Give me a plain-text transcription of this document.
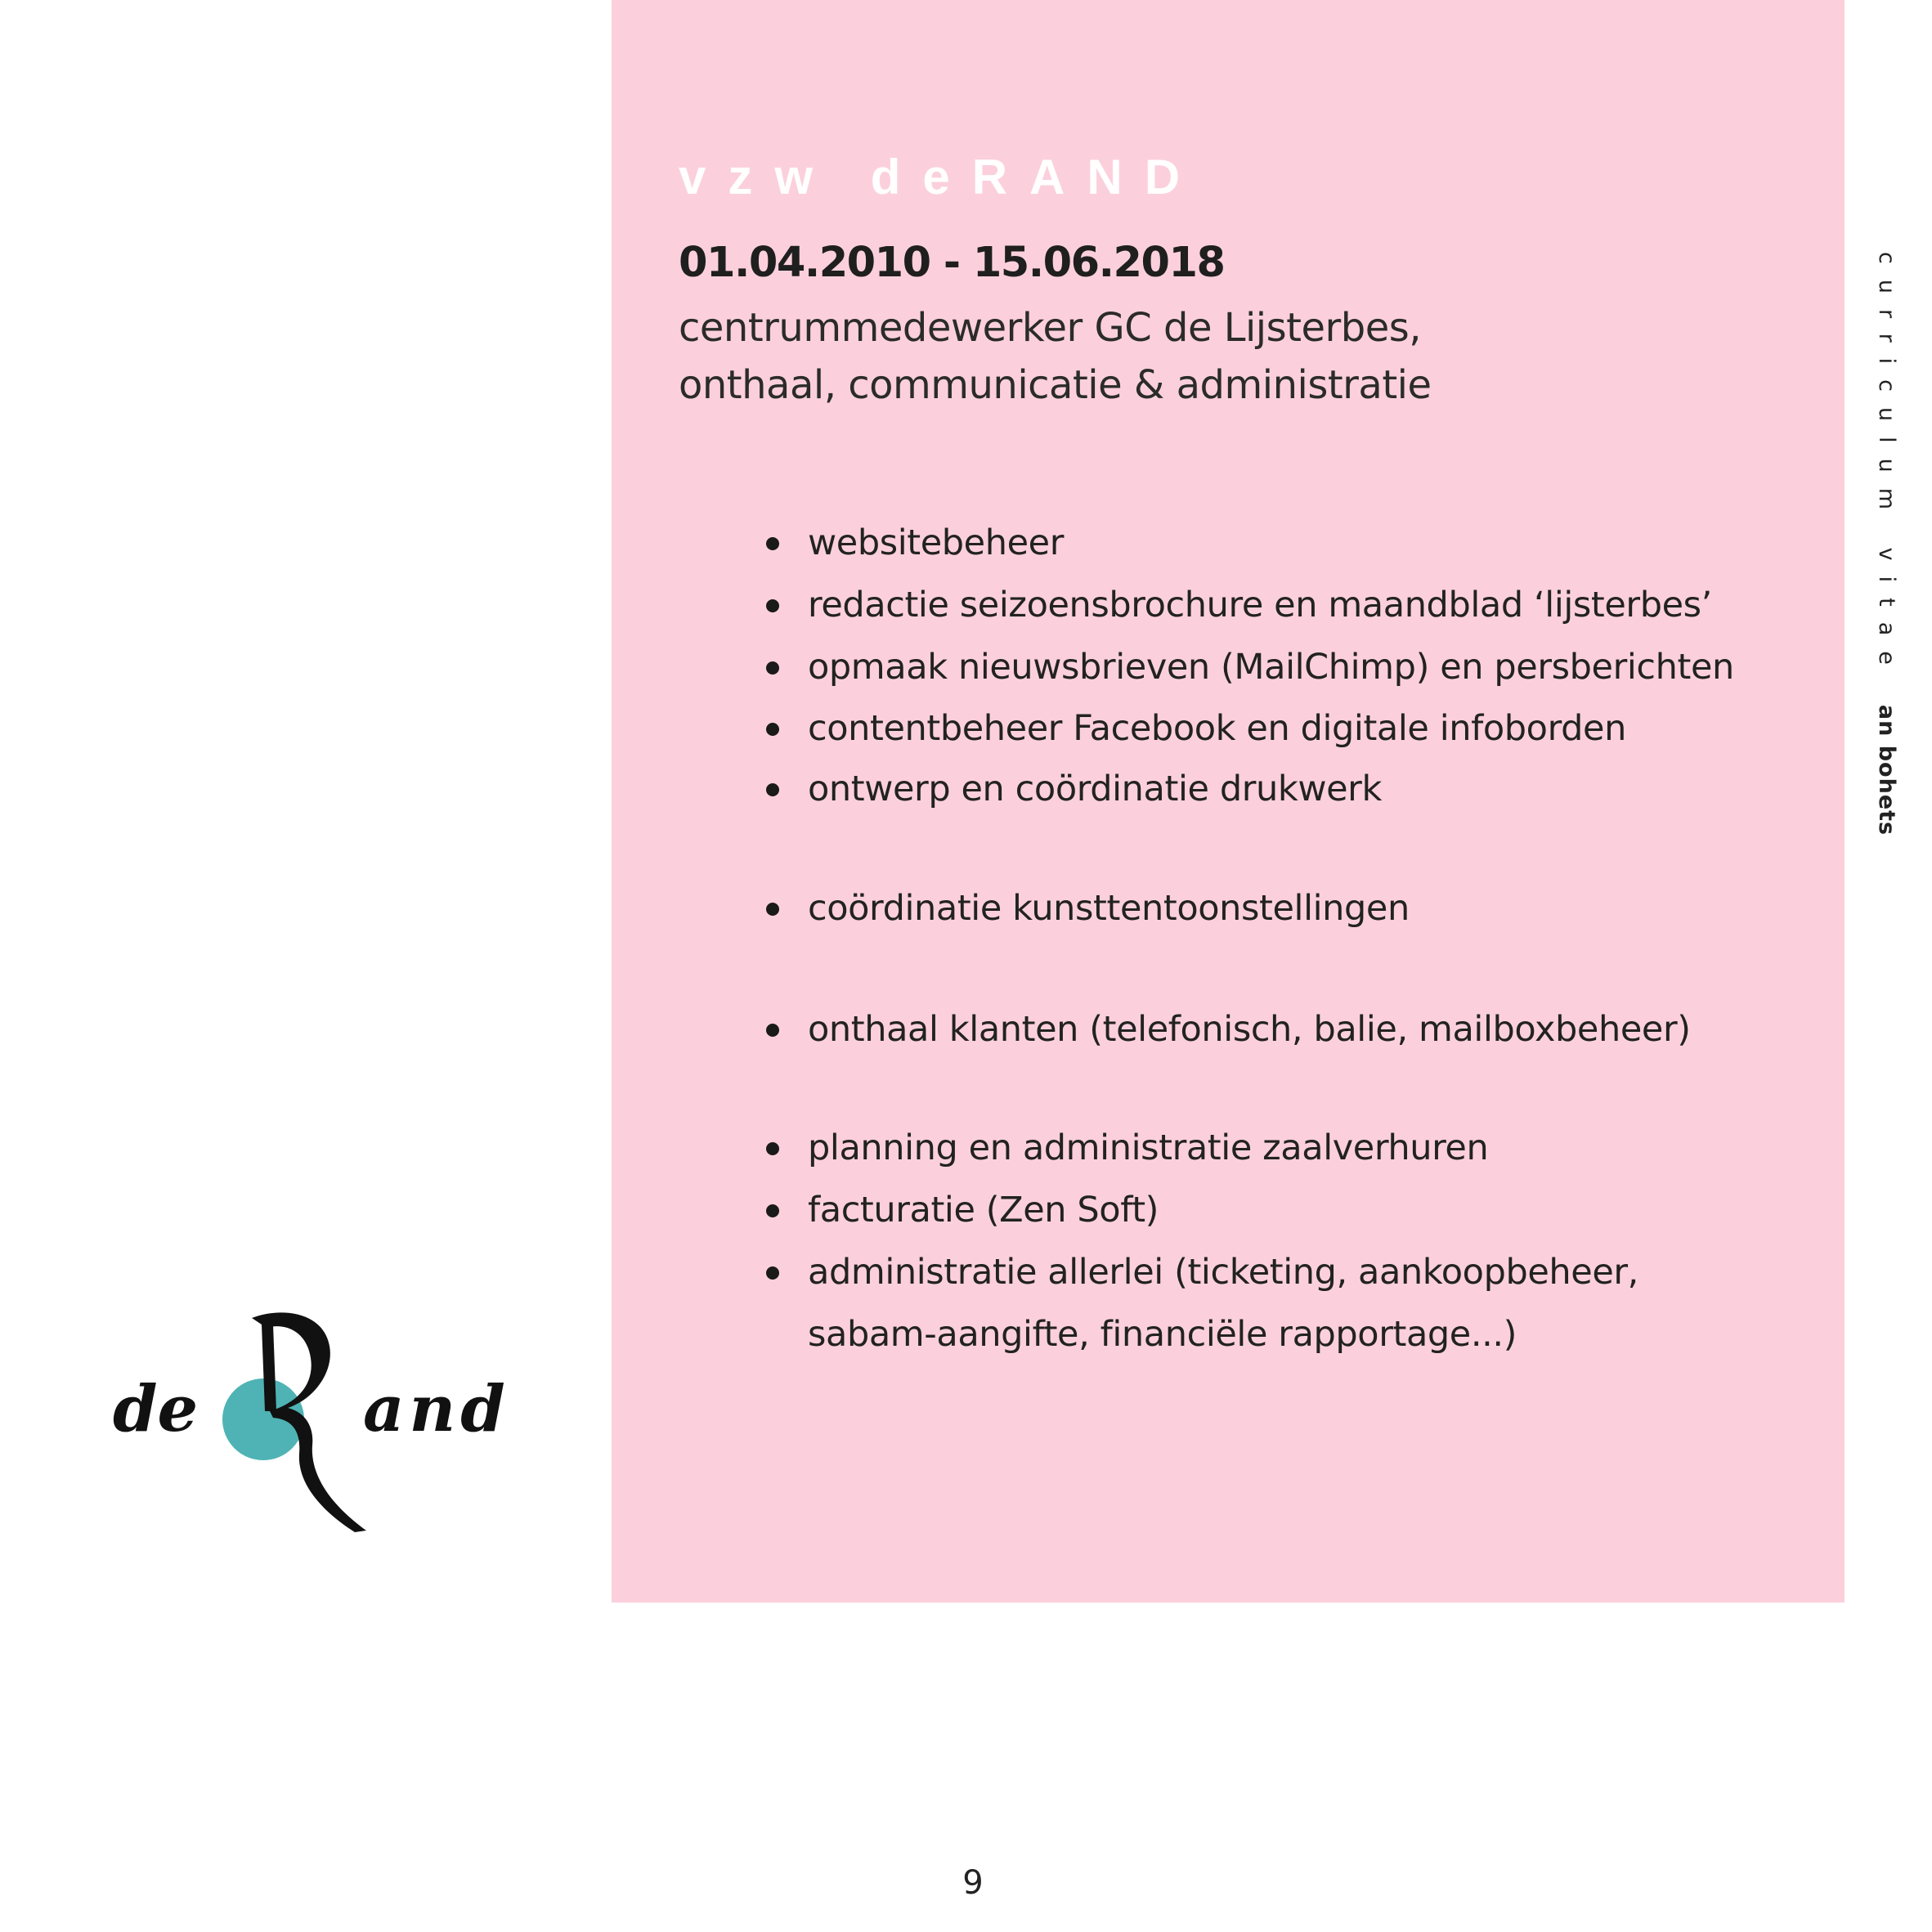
vzw deRAND
01.04.2010 - 15.06.2018

centrummedewerker GC de Lijsterbes,
onthaal, communicatie & administratie

websitebeheer
redactie seizoensbrochure en maandblad ‘lijsterbes’
opmaak nieuwsbrieven (MailChimp) en persberichten
contentbeheer Facebook en digitale infoborden
ontwerp en coördinatie drukwerk
coördinatie kunsttentoonstellingen
onthaal klanten (telefonisch, balie, mailboxbeheer)
planning en administratie zaalverhuren
facturatie (Zen Soft)
administratie allerlei (ticketing, aankoopbeheer,
sabam-aangifte, financiële rapportage...)
curriculum vitaean bohets
de	and
9
